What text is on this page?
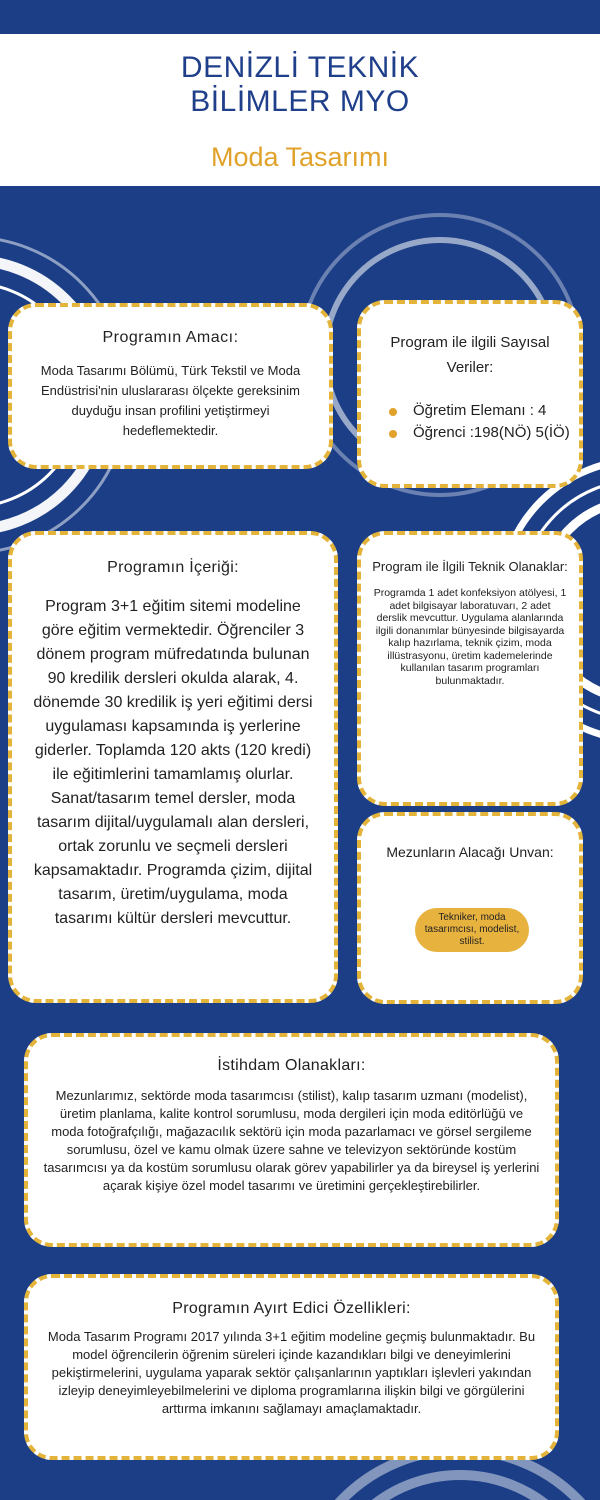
DENİZLİ TEKNİK
BİLİMLER MYO
Moda Tasarımı
Programın Amacı:

Moda Tasarımı Bölümü, Türk Tekstil ve Moda Endüstrisi'nin uluslararası ölçekte gereksinim duyduğu insan profilini yetiştirmeyi hedeflemektedir.

Program ile ilgili Sayısal Veriler:
Öğretim Elemanı : 4
Öğrenci :198(NÖ) 5(İÖ)
Programın İçeriği:

Program 3+1 eğitim sitemi modeline göre eğitim vermektedir. Öğrenciler 3 dönem program müfredatında bulunan 90 kredilik dersleri okulda alarak, 4. dönemde 30 kredilik iş yeri eğitimi dersi uygulaması kapsamında iş yerlerine giderler. Toplamda 120 akts (120 kredi) ile eğitimlerini tamamlamış olurlar. Sanat/tasarım temel dersler, moda tasarım dijital/uygulamalı alan dersleri, ortak zorunlu ve seçmeli dersleri kapsamaktadır. Programda çizim, dijital tasarım, üretim/uygulama, moda tasarımı kültür dersleri mevcuttur.

Program ile İlgili Teknik Olanaklar:

Programda 1 adet konfeksiyon atölyesi, 1 adet bilgisayar laboratuvarı, 2 adet derslik mevcuttur. Uygulama alanlarında ilgili donanımlar bünyesinde bilgisayarda kalıp hazırlama, teknik çizim, moda illüstrasyonu, üretim kademelerinde kullanılan tasarım programları bulunmaktadır.

Mezunların Alacağı Unvan:
Tekniker, moda tasarımcısı, modelist, stilist.
İstihdam Olanakları:

Mezunlarımız, sektörde moda tasarımcısı (stilist), kalıp tasarım uzmanı (modelist), üretim planlama, kalite kontrol sorumlusu, moda dergileri için moda editörlüğü ve moda fotoğrafçılığı, mağazacılık sektörü için moda pazarlamacı ve görsel sergileme sorumlusu, özel ve kamu olmak üzere sahne ve televizyon sektöründe kostüm tasarımcısı ya da kostüm sorumlusu olarak görev yapabilirler ya da bireysel iş yerlerini açarak kişiye özel model tasarımı ve üretimini gerçekleştirebilirler.

Programın Ayırt Edici Özellikleri:

Moda Tasarım Programı 2017 yılında 3+1 eğitim modeline geçmiş bulunmaktadır. Bu model öğrencilerin öğrenim süreleri içinde kazandıkları bilgi ve deneyimlerini pekiştirmelerini, uygulama yaparak sektör çalışanlarının yaptıkları işlevleri yakından izleyip deneyimleyebilmelerini ve diploma programlarına ilişkin bilgi ve görgülerini arttırma imkanını sağlamayı amaçlamaktadır.
